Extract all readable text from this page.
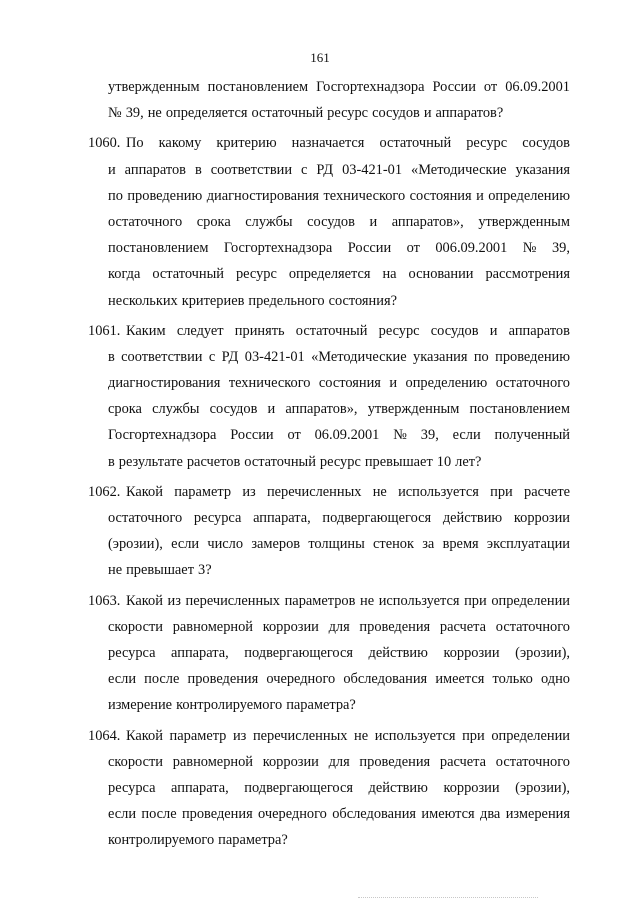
161
утвержденным постановлением Госгортехнадзора России от 06.09.2001
№ 39, не определяется остаточный ресурс сосудов и аппаратов?
1060. По какому критерию назначается остаточный ресурс сосудов
и аппаратов в соответствии с РД 03-421-01 «Методические указания
по проведению диагностирования технического состояния и определению
остаточного срока службы сосудов и аппаратов», утвержденным
постановлением Госгортехнадзора России от 006.09.2001 № 39,
когда остаточный ресурс определяется на основании рассмотрения
нескольких критериев предельного состояния?
1061. Каким следует принять остаточный ресурс сосудов и аппаратов
в соответствии с РД 03-421-01 «Методические указания по проведению
диагностирования технического состояния и определению остаточного
срока службы сосудов и аппаратов», утвержденным постановлением
Госгортехнадзора России от 06.09.2001 № 39, если полученный
в результате расчетов остаточный ресурс превышает 10 лет?
1062. Какой параметр из перечисленных не используется при расчете
остаточного ресурса аппарата, подвергающегося действию коррозии
(эрозии), если число замеров толщины стенок за время эксплуатации
не превышает 3?
1063. Какой из перечисленных параметров не используется при определении
скорости равномерной коррозии для проведения расчета остаточного
ресурса аппарата, подвергающегося действию коррозии (эрозии),
если после проведения очередного обследования имеется только одно
измерение контролируемого параметра?
1064. Какой параметр из перечисленных не используется при определении
скорости равномерной коррозии для проведения расчета остаточного
ресурса аппарата, подвергающегося действию коррозии (эрозии),
если после проведения очередного обследования имеются два измерения
контролируемого параметра?
